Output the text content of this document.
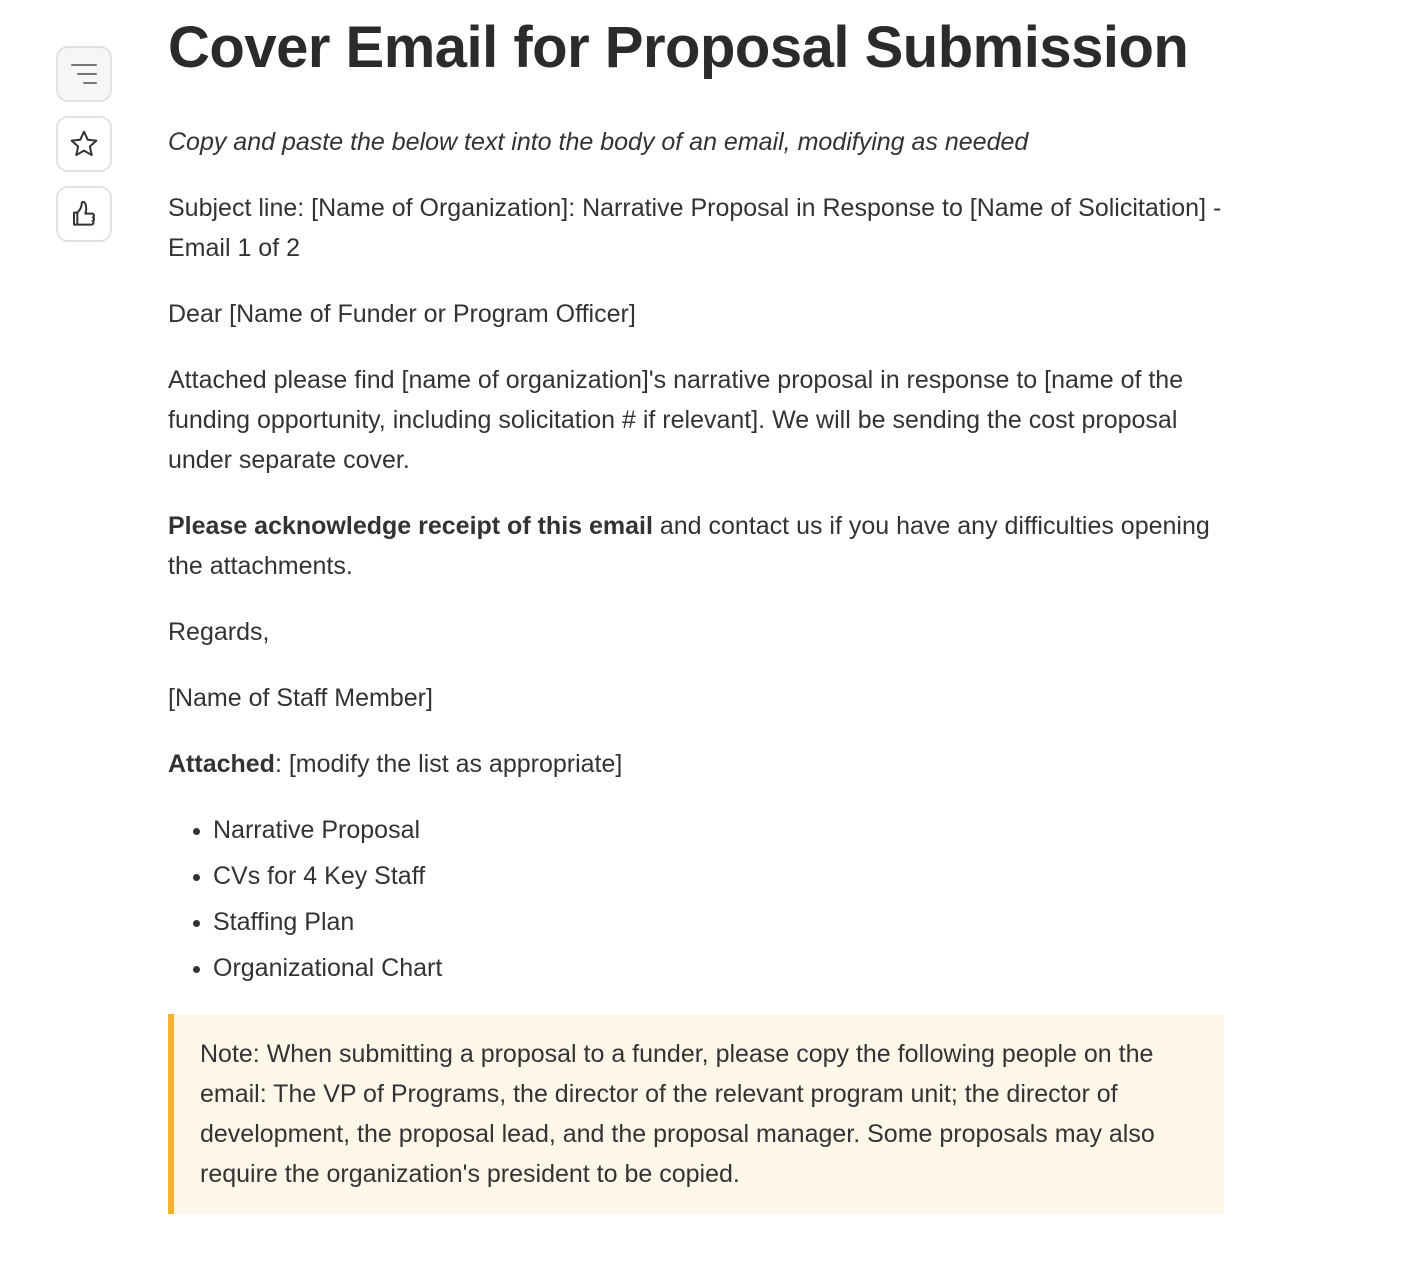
Cover Email for Proposal Submission

Copy and paste the below text into the body of an email, modifying as needed

Subject line: [Name of Organization]: Narrative Proposal in Response to [Name of Solicitation] - Email 1 of 2

Dear [Name of Funder or Program Officer]

Attached please find [name of organization]'s narrative proposal in response to [name of the funding opportunity, including solicitation # if relevant]. We will be sending the cost proposal under separate cover.

Please acknowledge receipt of this email and contact us if you have any difficulties opening the attachments.

Regards,

[Name of Staff Member]

Attached: [modify the list as appropriate]

• Narrative Proposal
• CVs for 4 Key Staff
• Staffing Plan
• Organizational Chart

Note: When submitting a proposal to a funder, please copy the following people on the email: The VP of Programs, the director of the relevant program unit; the director of development, the proposal lead, and the proposal manager. Some proposals may also require the organization's president to be copied.
